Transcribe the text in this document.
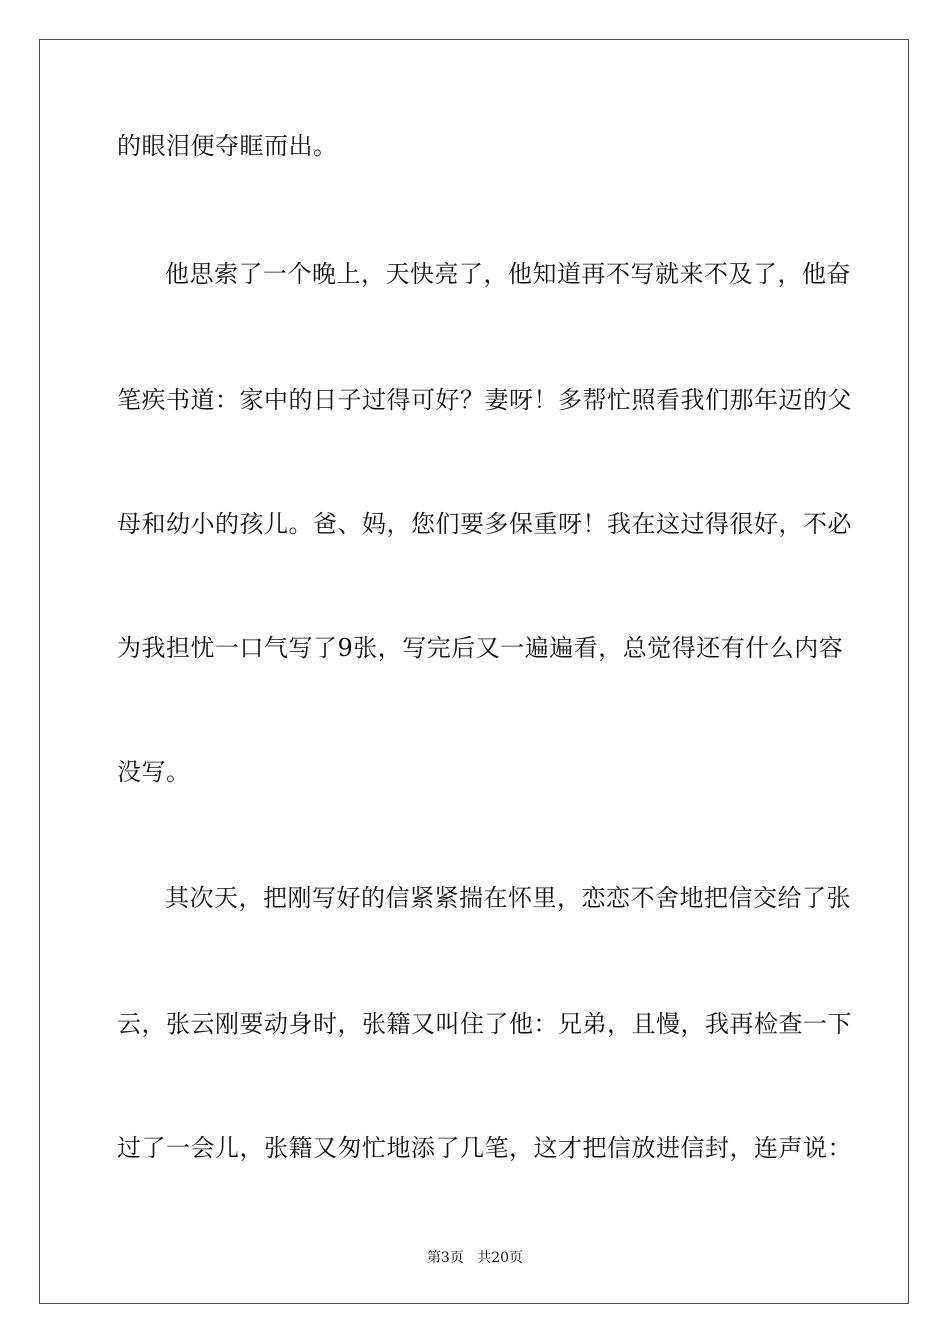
的眼泪便夺眶而出。
他思索了一个晚上，天快亮了，他知道再不写就来不及了，他奋
笔疾书道：家中的日子过得可好？妻呀！多帮忙照看我们那年迈的父
母和幼小的孩儿。爸、妈，您们要多保重呀！我在这过得很好，不必
为我担忧一口气写了9张，写完后又一遍遍看，总觉得还有什么内容
没写。
其次天，把刚写好的信紧紧揣在怀里，恋恋不舍地把信交给了张
云，张云刚要动身时，张籍又叫住了他：兄弟，且慢，我再检查一下
过了一会儿，张籍又匆忙地添了几笔，这才把信放进信封，连声说：
第3页 共20页
